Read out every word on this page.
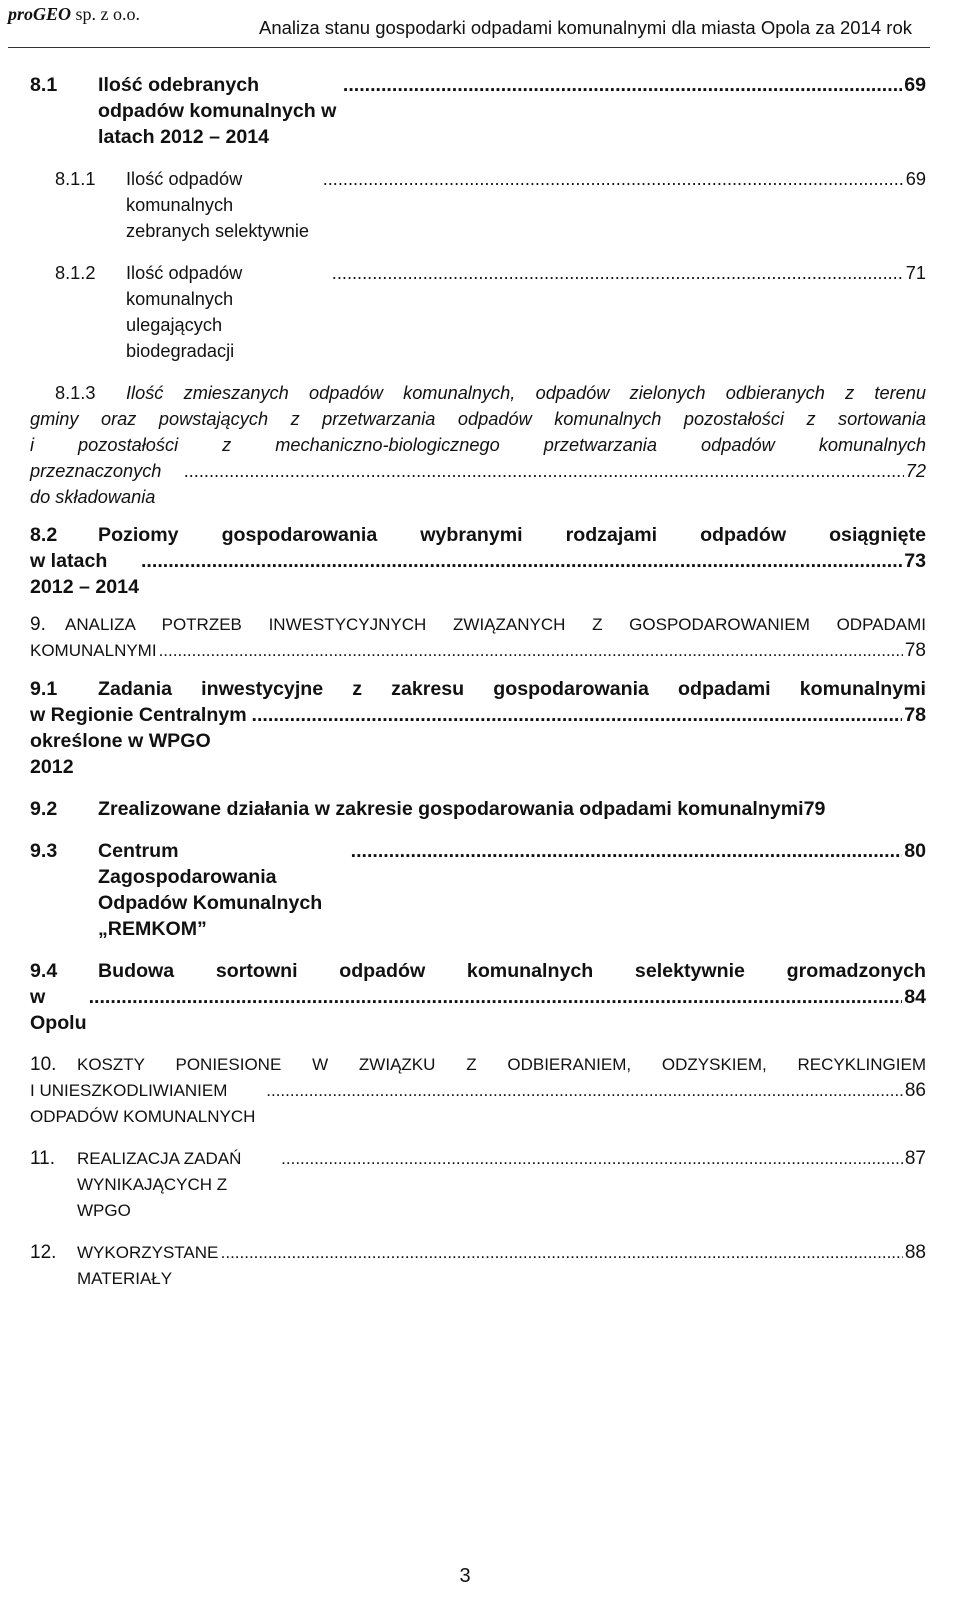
proGEO sp. z o.o.
Analiza stanu gospodarki odpadami komunalnymi dla miasta Opola za 2014 rok
8.1	Ilość odebranych odpadów komunalnych w latach 2012 – 2014
.....
69
8.1.1	Ilość odpadów komunalnych zebranych selektywnie
.....
69
8.1.2	Ilość odpadów komunalnych ulegających biodegradacji
.....
71
8.1.3 Ilość zmieszanych odpadów komunalnych, odpadów zielonych odbieranych z terenu
gminy oraz powstających z przetwarzania odpadów komunalnych pozostałości z sortowania
i pozostałości z mechaniczno-biologicznego przetwarzania odpadów komunalnych
przeznaczonych do składowania
.....
72
8.2 Poziomy gospodarowania wybranymi rodzajami odpadów osiągnięte
w latach 2012 – 2014
.....
73
9. ANALIZA POTRZEB INWESTYCYJNYCH ZWIĄZANYCH Z GOSPODAROWANIEM ODPADAMI
KOMUNALNYMI
.....	78
9.1 Zadania inwestycyjne z zakresu gospodarowania odpadami komunalnymi
w Regionie Centralnym określone w WPGO 2012
.....
78
9.2	Zrealizowane działania w zakresie gospodarowania odpadami komunalnymi 79
9.3	Centrum Zagospodarowania Odpadów Komunalnych „REMKOM”
.....
80
9.4 Budowa sortowni odpadów komunalnych selektywnie gromadzonych
w Opolu
.....
84
10. KOSZTY PONIESIONE W ZWIĄZKU Z ODBIERANIEM, ODZYSKIEM, RECYKLINGIEM
I UNIESZKODLIWIANIEM ODPADÓW KOMUNALNYCH
.....
86
11.	REALIZACJA ZADAŃ WYNIKAJĄCYCH Z WPGO
.....
87
12.	WYKORZYSTANE MATERIAŁY
.....
88
3
